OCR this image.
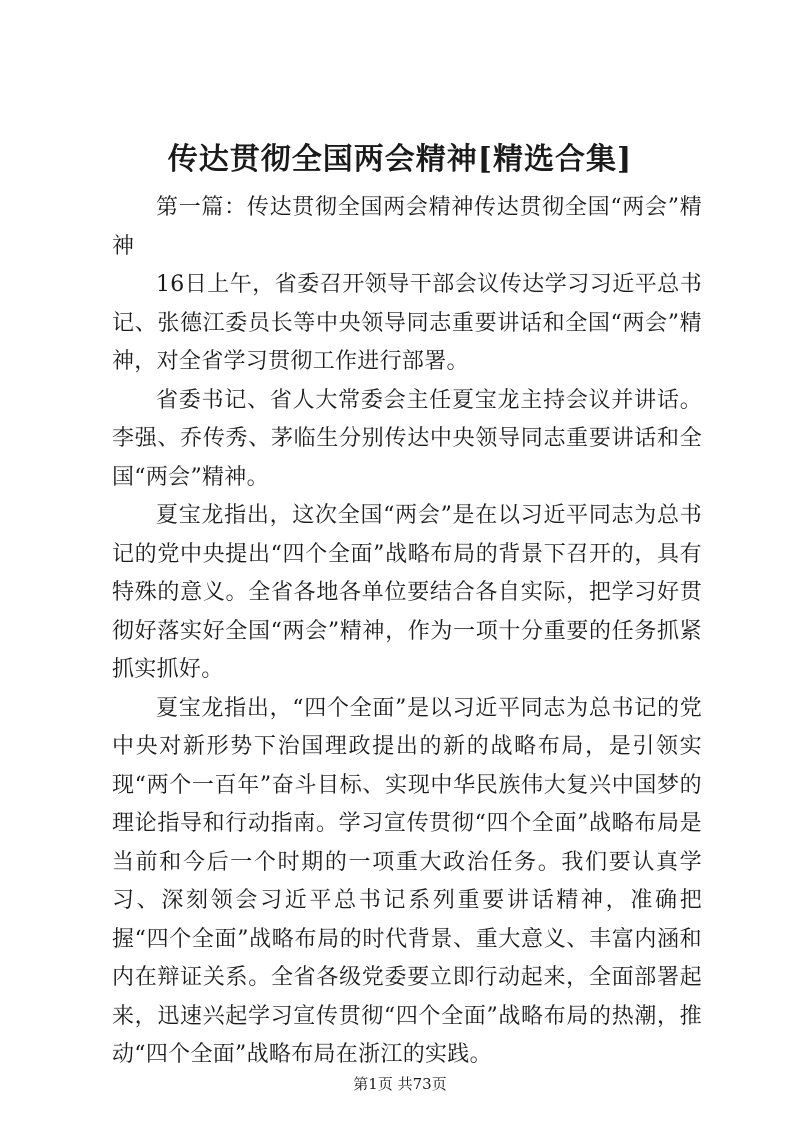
传达贯彻全国两会精神[精选合集]

第一篇：传达贯彻全国两会精神传达贯彻全国“两会”精神

16日上午，省委召开领导干部会议传达学习习近平总书记、张德江委员长等中央领导同志重要讲话和全国“两会”精神，对全省学习贯彻工作进行部署。

省委书记、省人大常委会主任夏宝龙主持会议并讲话。李强、乔传秀、茅临生分别传达中央领导同志重要讲话和全国“两会”精神。

夏宝龙指出，这次全国“两会”是在以习近平同志为总书记的党中央提出“四个全面”战略布局的背景下召开的，具有特殊的意义。全省各地各单位要结合各自实际，把学习好贯彻好落实好全国“两会”精神，作为一项十分重要的任务抓紧抓实抓好。

夏宝龙指出，“四个全面”是以习近平同志为总书记的党中央对新形势下治国理政提出的新的战略布局，是引领实现“两个一百年”奋斗目标、实现中华民族伟大复兴中国梦的理论指导和行动指南。学习宣传贯彻“四个全面”战略布局是当前和今后一个时期的一项重大政治任务。我们要认真学习、深刻领会习近平总书记系列重要讲话精神，准确把握“四个全面”战略布局的时代背景、重大意义、丰富内涵和内在辩证关系。全省各级党委要立即行动起来，全面部署起来，迅速兴起学习宣传贯彻“四个全面”战略布局的热潮，推动“四个全面”战略布局在浙江的实践。

第1页 共73页
